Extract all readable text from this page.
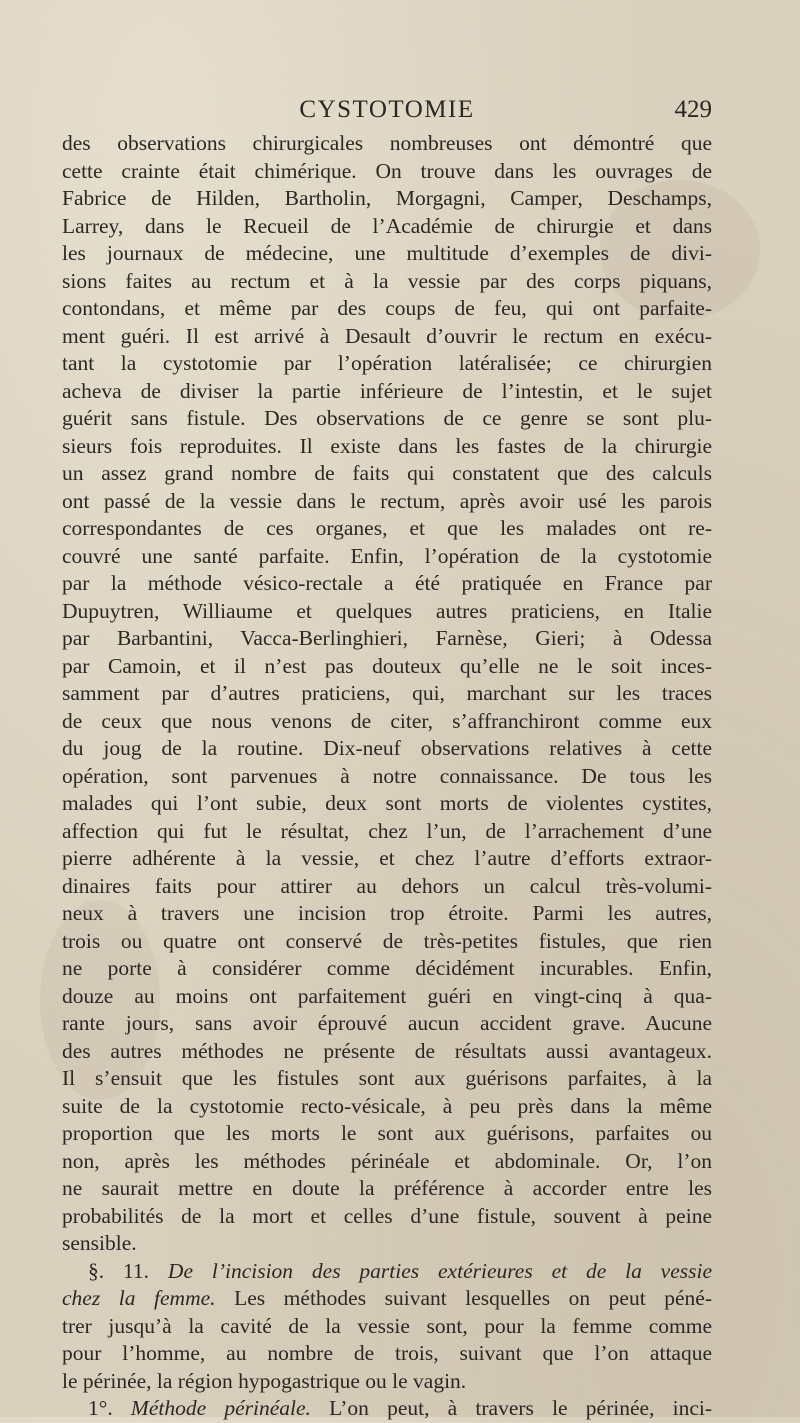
CYSTOTOMIE	429
des observations chirurgicales nombreuses ont démontré que
cette crainte était chimérique. On trouve dans les ouvrages de
Fabrice de Hilden, Bartholin, Morgagni, Camper, Deschamps,
Larrey, dans le Recueil de l’Académie de chirurgie et dans
les journaux de médecine, une multitude d’exemples de divi-
sions faites au rectum et à la vessie par des corps piquans,
contondans, et même par des coups de feu, qui ont parfaite-
ment guéri. Il est arrivé à Desault d’ouvrir le rectum en exécu-
tant la cystotomie par l’opération latéralisée; ce chirurgien
acheva de diviser la partie inférieure de l’intestin, et le sujet
guérit sans fistule. Des observations de ce genre se sont plu-
sieurs fois reproduites. Il existe dans les fastes de la chirurgie
un assez grand nombre de faits qui constatent que des calculs
ont passé de la vessie dans le rectum, après avoir usé les parois
correspondantes de ces organes, et que les malades ont re-
couvré une santé parfaite. Enfin, l’opération de la cystotomie
par la méthode vésico-rectale a été pratiquée en France par
Dupuytren, Williaume et quelques autres praticiens, en Italie
par Barbantini, Vacca-Berlinghieri, Farnèse, Gieri; à Odessa
par Camoin, et il n’est pas douteux qu’elle ne le soit inces-
samment par d’autres praticiens, qui, marchant sur les traces
de ceux que nous venons de citer, s’affranchiront comme eux
du joug de la routine. Dix-neuf observations relatives à cette
opération, sont parvenues à notre connaissance. De tous les
malades qui l’ont subie, deux sont morts de violentes cystites,
affection qui fut le résultat, chez l’un, de l’arrachement d’une
pierre adhérente à la vessie, et chez l’autre d’efforts extraor-
dinaires faits pour attirer au dehors un calcul très-volumi-
neux à travers une incision trop étroite. Parmi les autres,
trois ou quatre ont conservé de très-petites fistules, que rien
ne porte à considérer comme décidément incurables. Enfin,
douze au moins ont parfaitement guéri en vingt-cinq à qua-
rante jours, sans avoir éprouvé aucun accident grave. Aucune
des autres méthodes ne présente de résultats aussi avantageux.
Il s’ensuit que les fistules sont aux guérisons parfaites, à la
suite de la cystotomie recto-vésicale, à peu près dans la même
proportion que les morts le sont aux guérisons, parfaites ou
non, après les méthodes périnéale et abdominale. Or, l’on
ne saurait mettre en doute la préférence à accorder entre les
probabilités de la mort et celles d’une fistule, souvent à peine
sensible.
§. 11. De l’incision des parties extérieures et de la vessie
chez la femme. Les méthodes suivant lesquelles on peut péné-
trer jusqu’à la cavité de la vessie sont, pour la femme comme
pour l’homme, au nombre de trois, suivant que l’on attaque
le périnée, la région hypogastrique ou le vagin.
1°. Méthode périnéale. L’on peut, à travers le périnée, inci-
